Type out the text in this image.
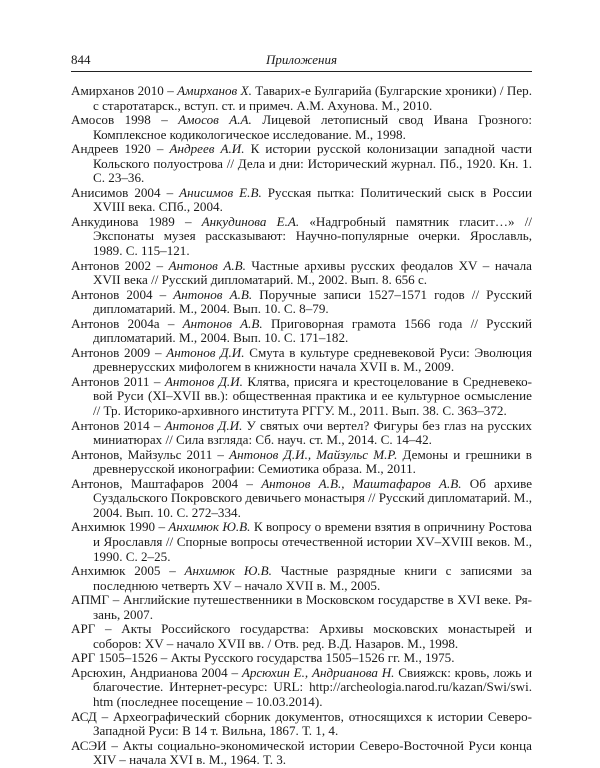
844	Приложения

Амирханов 2010 – Амирханов Х. Таварих-е Булгарийа (Булгарские хроники) / Пер. с старотатарск., вступ. ст. и примеч. А.М. Ахунова. М., 2010.

Амосов 1998 – Амосов А.А. Лицевой летописный свод Ивана Грозного: Комплексное кодикологическое исследование. М., 1998.

Андреев 1920 – Андреев А.И. К истории русской колонизации западной части Кольского полуострова // Дела и дни: Исторический журнал. Пб., 1920. Кн. 1. С. 23–36.

Анисимов 2004 – Анисимов Е.В. Русская пытка: Политический сыск в России XVIII века. СПб., 2004.

Анкудинова 1989 – Анкудинова Е.А. «Надгробный памятник гласит…» // Экспонаты музея рассказывают: Научно-популярные очерки. Ярославль, 1989. С. 115–121.

Антонов 2002 – Антонов А.В. Частные архивы русских феодалов XV – начала XVII века // Русский дипломатарий. М., 2002. Вып. 8. 656 с.

Антонов 2004 – Антонов А.В. Поручные записи 1527–1571 годов // Русский дипломатарий. М., 2004. Вып. 10. С. 8–79.

Антонов 2004а – Антонов А.В. Приговорная грамота 1566 года // Русский дипломатарий. М., 2004. Вып. 10. С. 171–182.

Антонов 2009 – Антонов Д.И. Смута в культуре средневековой Руси: Эволюция древнерусских мифологем в книжности начала XVII в. М., 2009.

Антонов 2011 – Антонов Д.И. Клятва, присяга и крестоцелование в Средневековой Руси (XI–XVII вв.): общественная практика и ее культурное осмысление // Тр. Историко-архивного института РГГУ. М., 2011. Вып. 38. С. 363–372.

Антонов 2014 – Антонов Д.И. У святых очи вертел? Фигуры без глаз на русских миниатюрах // Сила взгляда: Сб. науч. ст. М., 2014. С. 14–42.

Антонов, Майзульс 2011 – Антонов Д.И., Майзульс М.Р. Демоны и грешники в древнерусской иконографии: Семиотика образа. М., 2011.

Антонов, Маштафаров 2004 – Антонов А.В., Маштафаров А.В. Об архиве Суздальского Покровского девичьего монастыря // Русский дипломатарий. М., 2004. Вып. 10. С. 272–334.

Анхимюк 1990 – Анхимюк Ю.В. К вопросу о времени взятия в опричнину Ростова и Ярославля // Спорные вопросы отечественной истории XV–XVIII веков. М., 1990. С. 2–25.

Анхимюк 2005 – Анхимюк Ю.В. Частные разрядные книги с записями за последнюю четверть XV – начало XVII в. М., 2005.

АПМГ – Английские путешественники в Московском государстве в XVI веке. Рязань, 2007.

АРГ – Акты Российского государства: Архивы московских монастырей и соборов: XV – начало XVII вв. / Отв. ред. В.Д. Назаров. М., 1998.

АРГ 1505–1526 – Акты Русского государства 1505–1526 гг. М., 1975.

Арсюхин, Андрианова 2004 – Арсюхин Е., Андрианова Н. Свияжск: кровь, ложь и благочестие. Интернет-ресурс: URL: http://archeologia.narod.ru/kazan/Swi/swi.​htm (последнее посещение – 10.03.2014).

АСД – Археографический сборник документов, относящихся к истории Северо-Западной Руси: В 14 т. Вильна, 1867. Т. 1, 4.

АСЭИ – Акты социально-экономической истории Северо-Восточной Руси конца XIV – начала XVI в. М., 1964. Т. 3.
